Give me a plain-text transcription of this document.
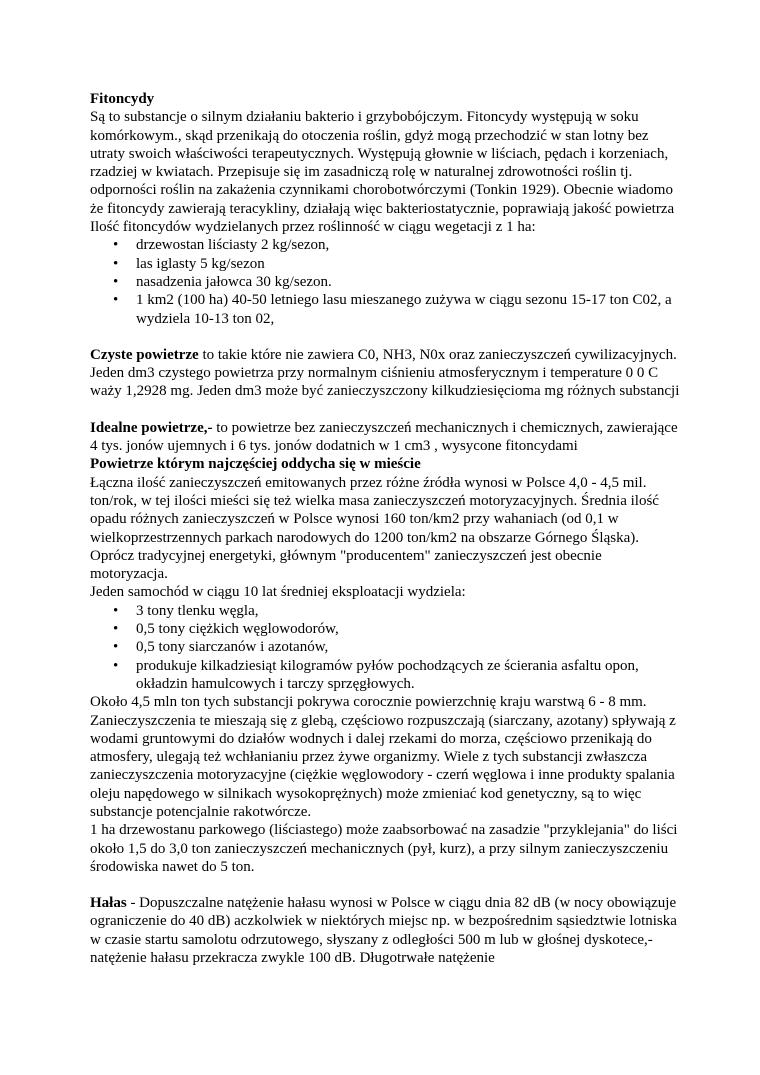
Fitoncydy

Są to substancje o silnym działaniu bakterio i grzybobójczym. Fitoncydy występują w soku komórkowym., skąd przenikają do otoczenia roślin, gdyż mogą przechodzić w stan lotny bez utraty swoich właściwości terapeutycznych. Występują głownie w liściach, pędach i korzeniach, rzadziej w kwiatach. Przepisuje się im zasadniczą rolę w naturalnej zdrowotności roślin tj. odporności roślin na zakażenia czynnikami chorobotwórczymi (Tonkin 1929). Obecnie wiadomo że fitoncydy zawierają teracykliny, działają więc bakteriostatycznie, poprawiają jakość powietrza

Ilość fitoncydów wydzielanych przez roślinność w ciągu wegetacji z 1 ha:

• drzewostan liściasty 2 kg/sezon,
• las iglasty 5 kg/sezon
• nasadzenia jałowca 30 kg/sezon.
• 1 km2 (100 ha) 40-50 letniego lasu mieszanego zużywa w ciągu sezonu 15-17 ton C02, a wydziela 10-13 ton 02,

Czyste powietrze to takie które nie zawiera C0, NH3, N0x oraz zanieczyszczeń cywilizacyjnych. Jeden dm3 czystego powietrza przy normalnym ciśnieniu atmosferycznym i temperature 0 0 C waży 1,2928 mg. Jeden dm3 może być zanieczyszczony kilkudziesięcioma mg różnych substancji

Idealne powietrze,- to powietrze bez zanieczyszczeń mechanicznych i chemicznych, zawierające 4 tys. jonów ujemnych i 6 tys. jonów dodatnich w 1 cm3 , wysycone fitoncydami

Powietrze którym najczęściej oddycha się w mieście

Łączna ilość zanieczyszczeń emitowanych przez różne źródła wynosi w Polsce 4,0 - 4,5 mil. ton/rok, w tej ilości mieści się też wielka masa zanieczyszczeń motoryzacyjnych. Średnia ilość opadu różnych zanieczyszczeń w Polsce wynosi 160 ton/km2 przy wahaniach (od 0,1 w wielkoprzestrzennych parkach narodowych do 1200 ton/km2 na obszarze Górnego Śląska). Oprócz tradycyjnej energetyki, głównym "producentem" zanieczyszczeń jest obecnie motoryzacja.

Jeden samochód w ciągu 10 lat średniej eksploatacji wydziela:

• 3 tony tlenku węgla,
• 0,5 tony ciężkich węglowodorów,
• 0,5 tony siarczanów i azotanów,
• produkuje kilkadziesiąt kilogramów pyłów pochodzących ze ścierania asfaltu opon, okładzin hamulcowych i tarczy sprzęgłowych.

Około 4,5 mln ton tych substancji pokrywa corocznie powierzchnię kraju warstwą 6 - 8 mm. Zanieczyszczenia te mieszają się z glebą, częściowo rozpuszczają (siarczany, azotany) spływają z wodami gruntowymi do działów wodnych i dalej rzekami do morza, częściowo przenikają do atmosfery, ulegają też wchłanianiu przez żywe organizmy. Wiele z tych substancji zwłaszcza zanieczyszczenia motoryzacyjne (ciężkie węglowodory - czerń węglowa i inne produkty spalania oleju napędowego w silnikach wysokoprężnych) może zmieniać kod genetyczny, są to więc substancje potencjalnie rakotwórcze.

1 ha drzewostanu parkowego (liściastego) może zaabsorbować na zasadzie "przyklejania" do liści około 1,5 do 3,0 ton zanieczyszczeń mechanicznych (pył, kurz), a przy silnym zanieczyszczeniu środowiska nawet do 5 ton.

Hałas - Dopuszczalne natężenie hałasu wynosi w Polsce w ciągu dnia 82 dB (w nocy obowiązuje ograniczenie do 40 dB) aczkolwiek w niektórych miejsc np. w bezpośrednim sąsiedztwie lotniska w czasie startu samolotu odrzutowego, słyszany z odległości 500 m lub w głośnej dyskotece,- natężenie hałasu przekracza zwykle 100 dB. Długotrwałe natężenie
